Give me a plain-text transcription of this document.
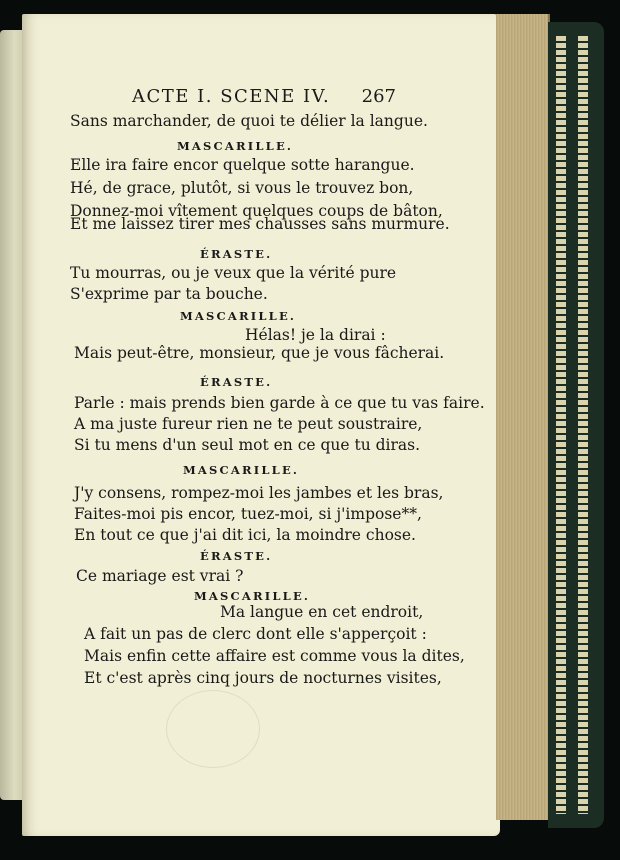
ACTE I. SCENE IV. 267
Sans marchander, de quoi te délier la langue.
MASCARILLE.
Elle ira faire encor quelque sotte harangue.
Hé, de grace, plutôt, si vous le trouvez bon,
Donnez-moi vîtement quelques coups de bâton,
Et me laissez tirer mes chausses sans murmure.
ÉRASTE.
Tu mourras, ou je veux que la vérité pure
S'exprime par ta bouche.
MASCARILLE.
Hélas! je la dirai :
Mais peut-être, monsieur, que je vous fâcherai.
ÉRASTE.
Parle : mais prends bien garde à ce que tu vas faire.
A ma juste fureur rien ne te peut soustraire,
Si tu mens d'un seul mot en ce que tu diras.
MASCARILLE.
J'y consens, rompez-moi les jambes et les bras,
Faites-moi pis encor, tuez-moi, si j'impose**,
En tout ce que j'ai dit ici, la moindre chose.
ÉRASTE.
Ce mariage est vrai ?
MASCARILLE.
Ma langue en cet endroit,
A fait un pas de clerc dont elle s'apperçoit :
Mais enfin cette affaire est comme vous la dites,
Et c'est après cinq jours de nocturnes visites,
